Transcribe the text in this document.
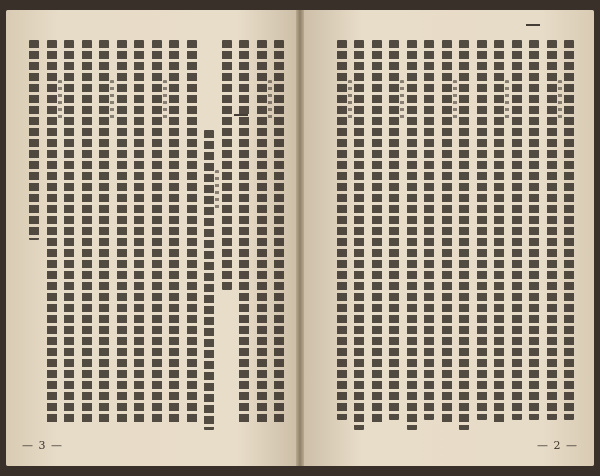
— 3 —	— 2 —
